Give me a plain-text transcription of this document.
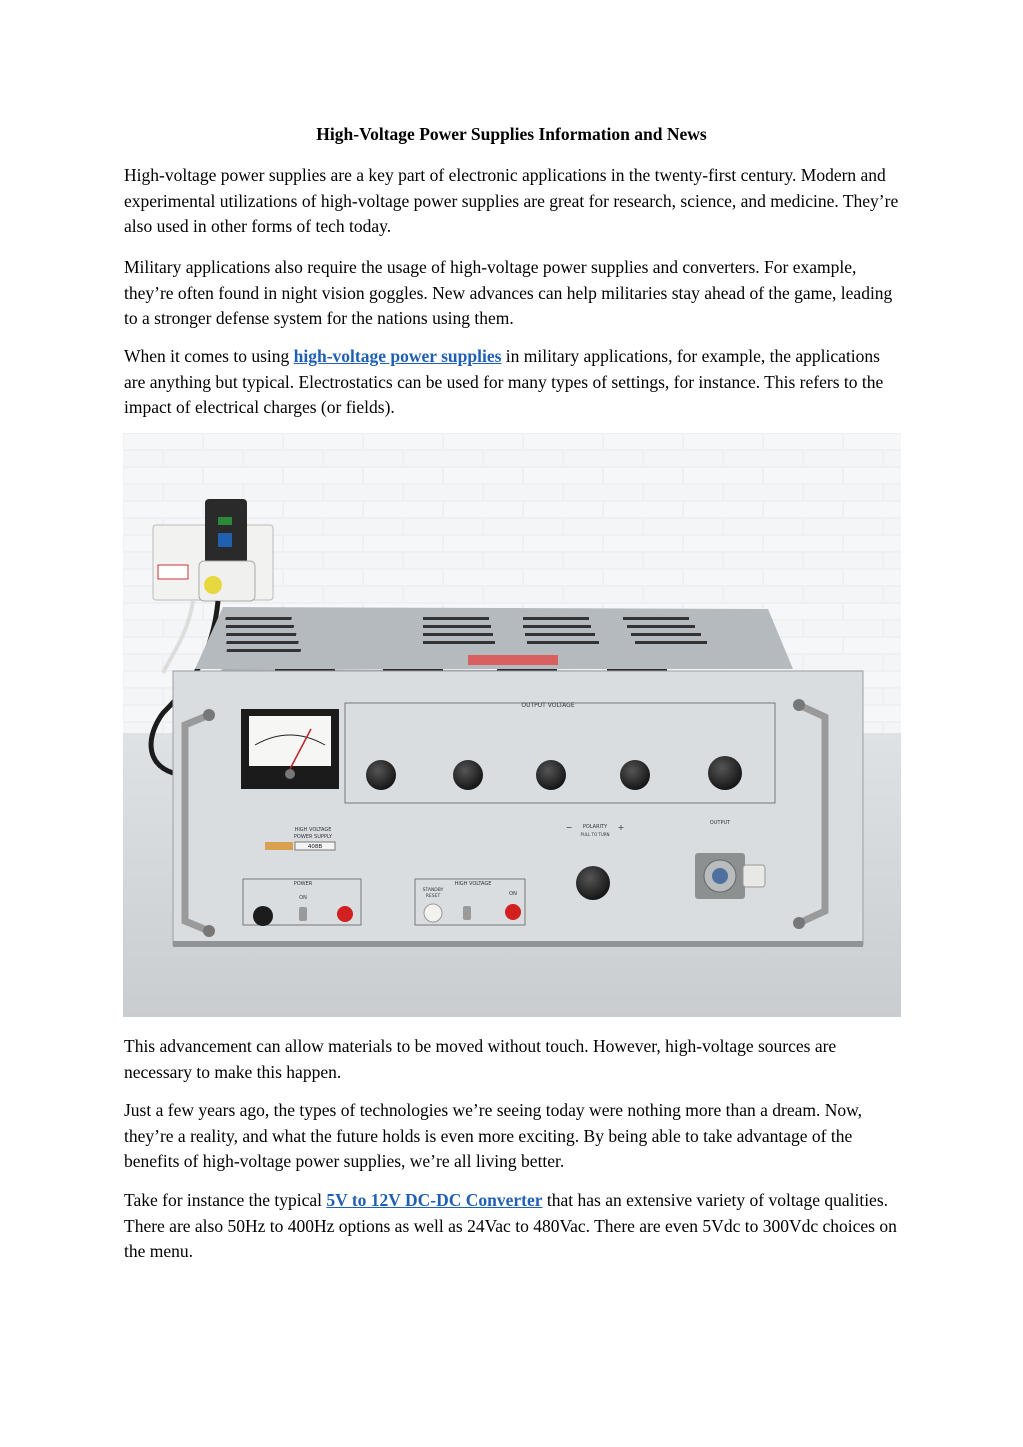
High-Voltage Power Supplies Information and News

High-voltage power supplies are a key part of electronic applications in the twenty-first century. Modern and experimental utilizations of high-voltage power supplies are great for research, science, and medicine. They’re also used in other forms of tech today.

Military applications also require the usage of high-voltage power supplies and converters. For example, they’re often found in night vision goggles. New advances can help militaries stay ahead of the game, leading to a stronger defense system for the nations using them.

When it comes to using high-voltage power supplies in military applications, for example, the applications are anything but typical. Electrostatics can be used for many types of settings, for instance. This refers to the impact of electrical charges (or fields).

OUTPUT VOLTAGE
HIGH VOLTAGE
POWER SUPPLY
408B
POLARITY
PULL TO TURN
−	+	OUTPUT
POWER
ON
HIGH VOLTAGE
STANDBY
RESET	ON

This advancement can allow materials to be moved without touch. However, high-voltage sources are necessary to make this happen.

Just a few years ago, the types of technologies we’re seeing today were nothing more than a dream. Now, they’re a reality, and what the future holds is even more exciting. By being able to take advantage of the benefits of high-voltage power supplies, we’re all living better.

Take for instance the typical 5V to 12V DC-DC Converter that has an extensive variety of voltage qualities. There are also 50Hz to 400Hz options as well as 24Vac to 480Vac. There are even 5Vdc to 300Vdc choices on the menu.
